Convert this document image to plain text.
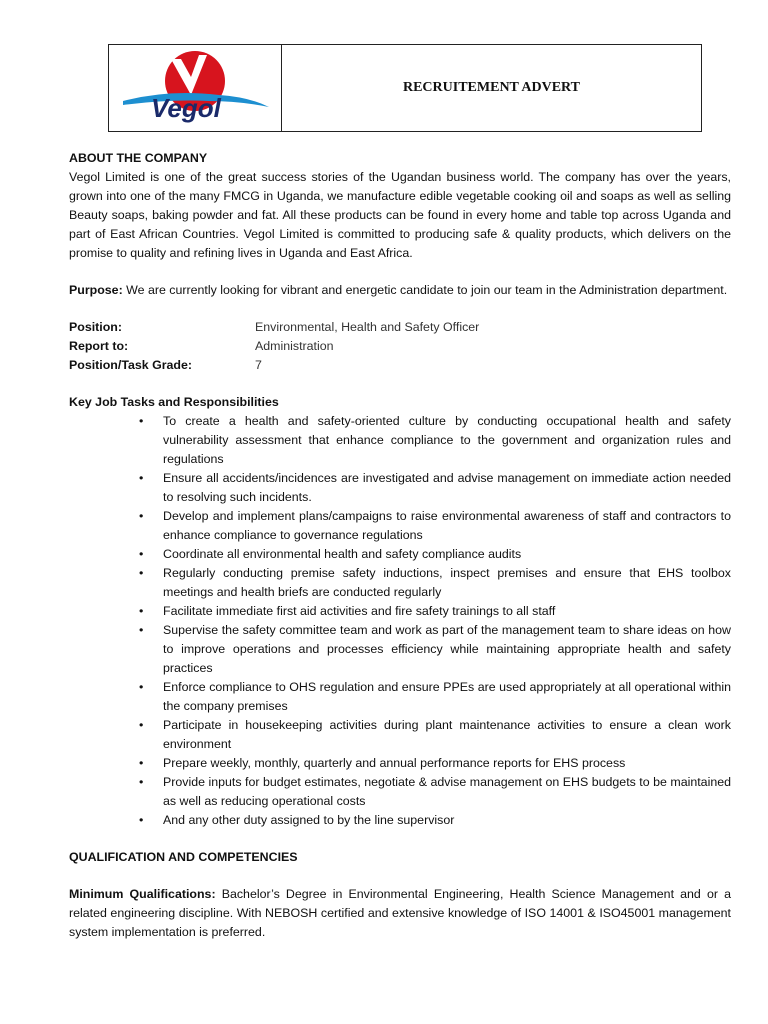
Vegol
RECRUITEMENT ADVERT
ABOUT THE COMPANY

Vegol Limited is one of the great success stories of the Ugandan business world. The company has over the years, grown into one of the many FMCG in Uganda, we manufacture edible vegetable cooking oil and soaps as well as selling Beauty soaps, baking powder and fat. All these products can be found in every home and table top across Uganda and part of East African Countries. Vegol Limited is committed to producing safe & quality products, which delivers on the promise to quality and refining lives in Uganda and East Africa.

Purpose: We are currently looking for vibrant and energetic candidate to join our team in the Administration department.

Position:	Environmental, Health and Safety Officer
Report to:	Administration
Position/Task Grade:	7
Key Job Tasks and Responsibilities
• To create a health and safety-oriented culture by conducting occupational health and safety vulnerability assessment that enhance compliance to the government and organization rules and regulations
• Ensure all accidents/incidences are investigated and advise management on immediate action needed to resolving such incidents.
• Develop and implement plans/campaigns to raise environmental awareness of staff and contractors to enhance compliance to governance regulations
• Coordinate all environmental health and safety compliance audits
• Regularly conducting premise safety inductions, inspect premises and ensure that EHS toolbox meetings and health briefs are conducted regularly
• Facilitate immediate first aid activities and fire safety trainings to all staff
• Supervise the safety committee team and work as part of the management team to share ideas on how to improve operations and processes efficiency while maintaining appropriate health and safety practices
• Enforce compliance to OHS regulation and ensure PPEs are used appropriately at all operational within the company premises
• Participate in housekeeping activities during plant maintenance activities to ensure a clean work environment
• Prepare weekly, monthly, quarterly and annual performance reports for EHS process
• Provide inputs for budget estimates, negotiate & advise management on EHS budgets to be maintained as well as reducing operational costs
• And any other duty assigned to by the line supervisor
QUALIFICATION AND COMPETENCIES

Minimum Qualifications: Bachelor’s Degree in Environmental Engineering, Health Science Management and or a related engineering discipline. With NEBOSH certified and extensive knowledge of ISO 14001 & ISO45001 management system implementation is preferred.
